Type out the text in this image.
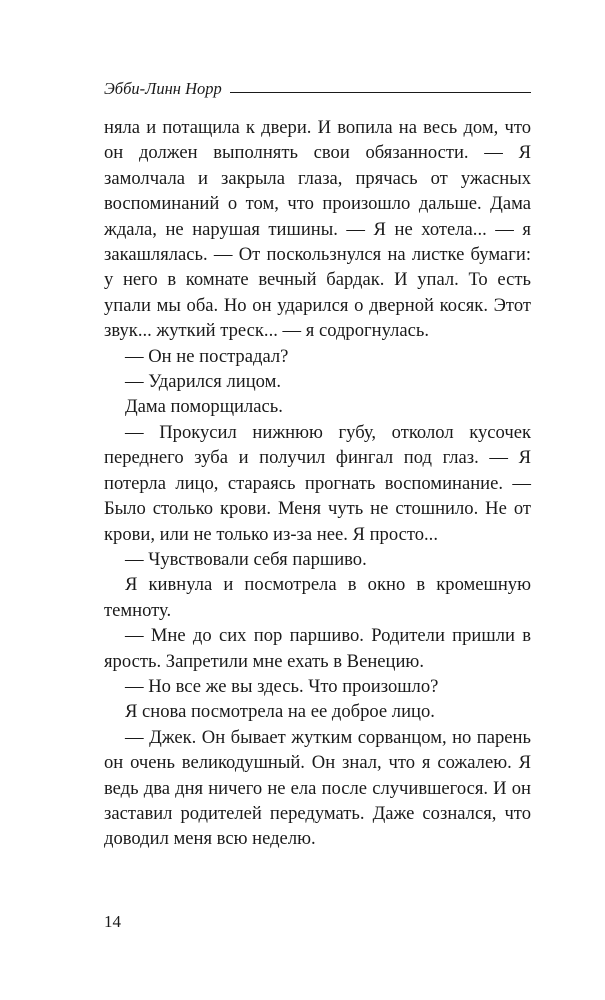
Эбби-Линн Норр

няла и потащила к двери. И вопила на весь дом, что он должен выполнять свои обязанности. — Я замолчала и закрыла глаза, прячась от ужасных воспоминаний о том, что произошло дальше. Дама ждала, не нарушая тишины. — Я не хотела... — я закашлялась. — От поскользнулся на листке бумаги: у него в комнате вечный бардак. И упал. То есть упали мы оба. Но он ударился о дверной косяк. Этот звук... жуткий треск... — я содрогнулась.

— Он не пострадал?

— Ударился лицом.

Дама поморщилась.

— Прокусил нижнюю губу, отколол кусочек переднего зуба и получил фингал под глаз. — Я потерла лицо, стараясь прогнать воспоминание. — Было столько крови. Меня чуть не стошнило. Не от крови, или не только из-за нее. Я просто...

— Чувствовали себя паршиво.

Я кивнула и посмотрела в окно в кромешную темноту.

— Мне до сих пор паршиво. Родители пришли в ярость. Запретили мне ехать в Венецию.

— Но все же вы здесь. Что произошло?

Я снова посмотрела на ее доброе лицо.

— Джек. Он бывает жутким сорванцом, но парень он очень великодушный. Он знал, что я сожалею. Я ведь два дня ничего не ела после случившегося. И он заставил родителей передумать. Даже сознался, что доводил меня всю неделю.

14
